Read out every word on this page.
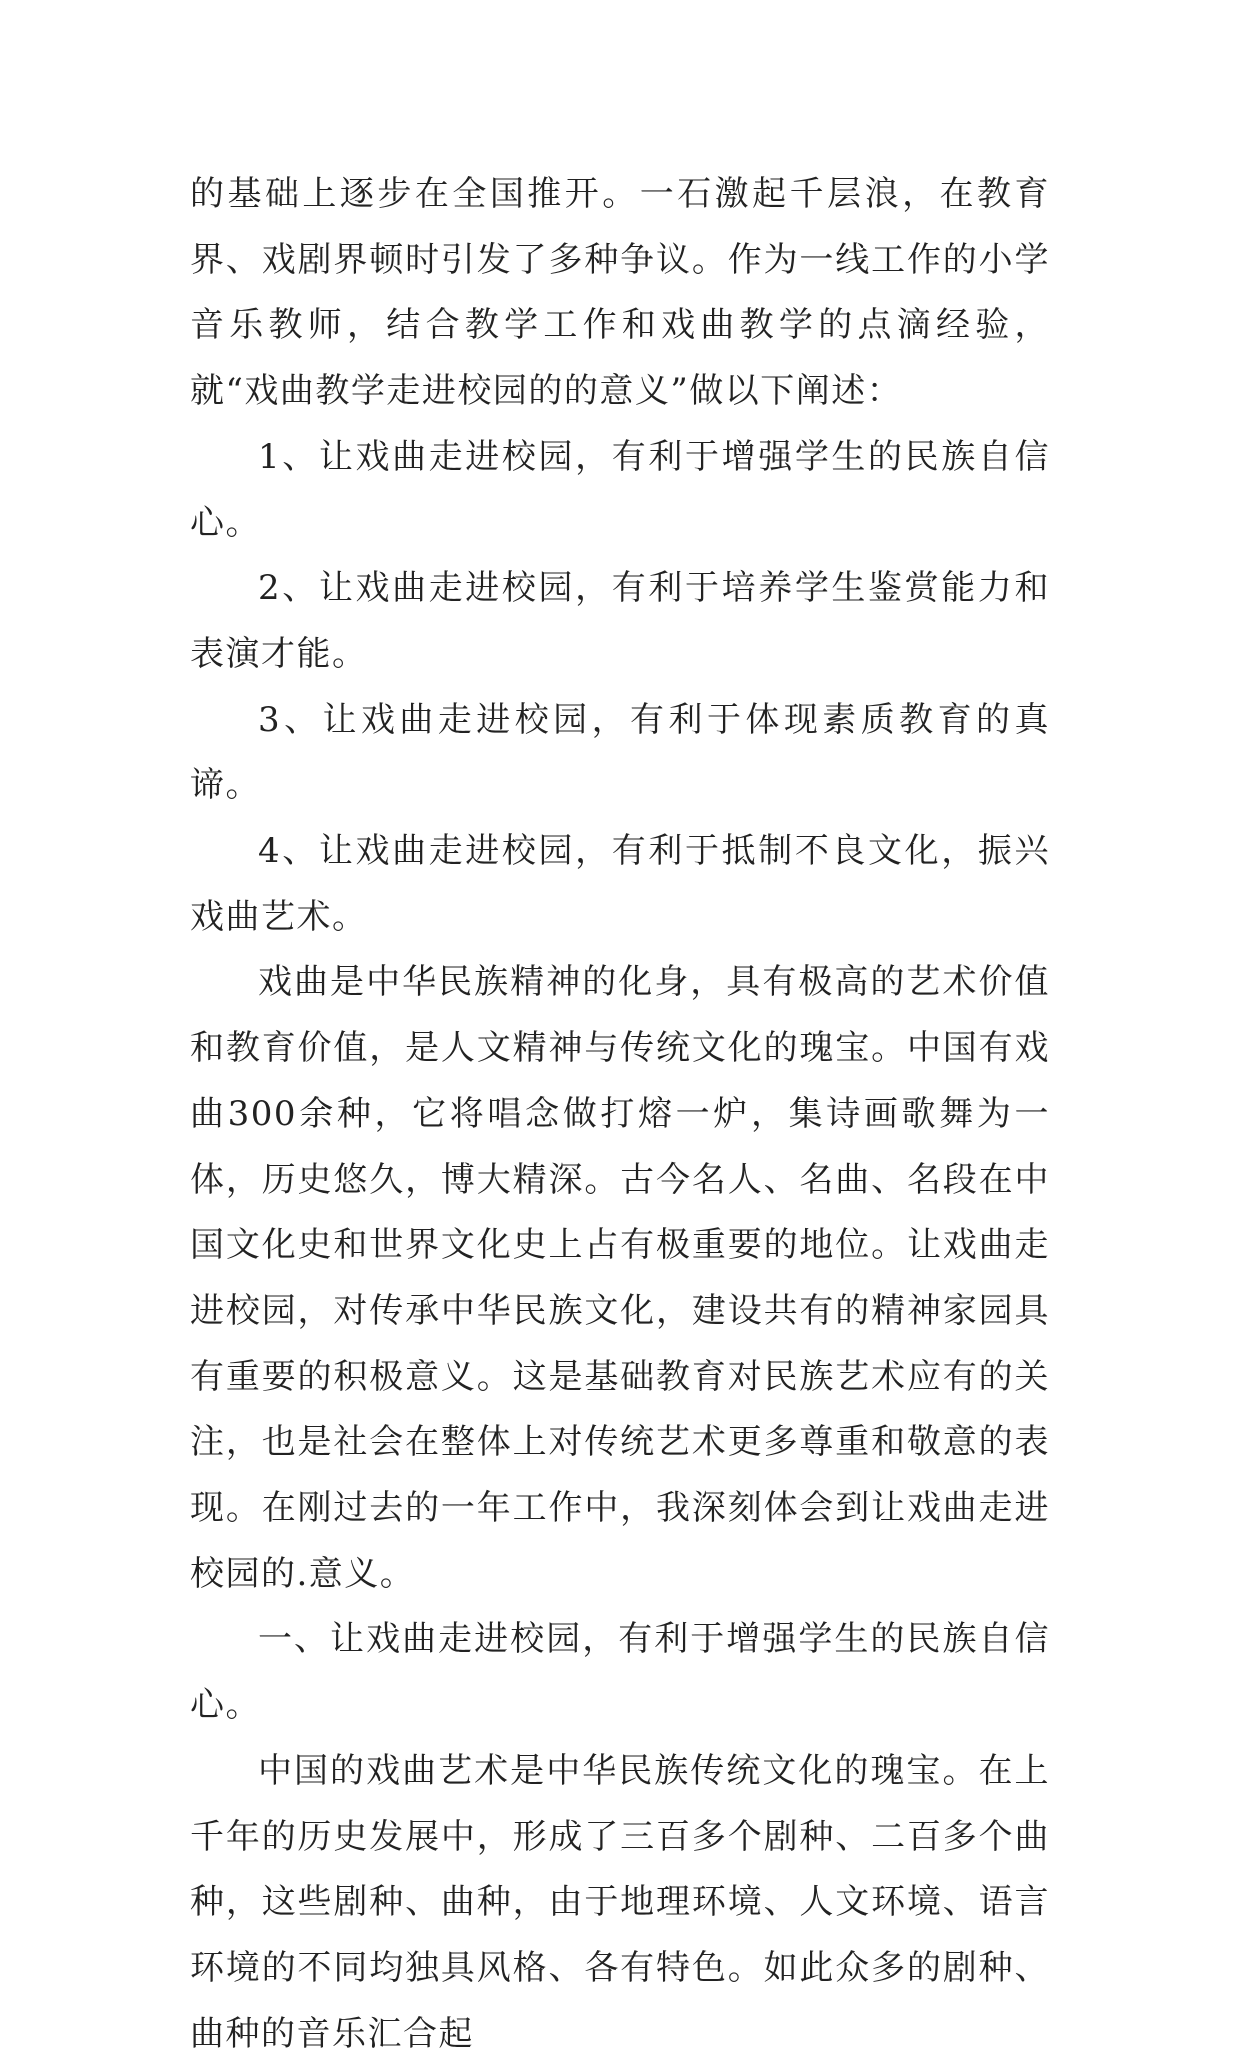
的基础上逐步在全国推开。一石激起千层浪，在教育界、戏剧界顿时引发了多种争议。作为一线工作的小学音乐教师，结合教学工作和戏曲教学的点滴经验，就“戏曲教学走进校园的的意义”做以下阐述：

1、让戏曲走进校园，有利于增强学生的民族自信心。

2、让戏曲走进校园，有利于培养学生鉴赏能力和表演才能。

3、让戏曲走进校园，有利于体现素质教育的真谛。

4、让戏曲走进校园，有利于抵制不良文化，振兴戏曲艺术。

戏曲是中华民族精神的化身，具有极高的艺术价值和教育价值，是人文精神与传统文化的瑰宝。中国有戏曲300余种，它将唱念做打熔一炉，集诗画歌舞为一体，历史悠久，博大精深。古今名人、名曲、名段在中国文化史和世界文化史上占有极重要的地位。让戏曲走进校园，对传承中华民族文化，建设共有的精神家园具有重要的积极意义。这是基础教育对民族艺术应有的关注，也是社会在整体上对传统艺术更多尊重和敬意的表现。在刚过去的一年工作中，我深刻体会到让戏曲走进校园的.意义。

一、让戏曲走进校园，有利于增强学生的民族自信心。

中国的戏曲艺术是中华民族传统文化的瑰宝。在上千年的历史发展中，形成了三百多个剧种、二百多个曲种，这些剧种、曲种，由于地理环境、人文环境、语言环境的不同均独具风格、各有特色。如此众多的剧种、曲种的音乐汇合起
